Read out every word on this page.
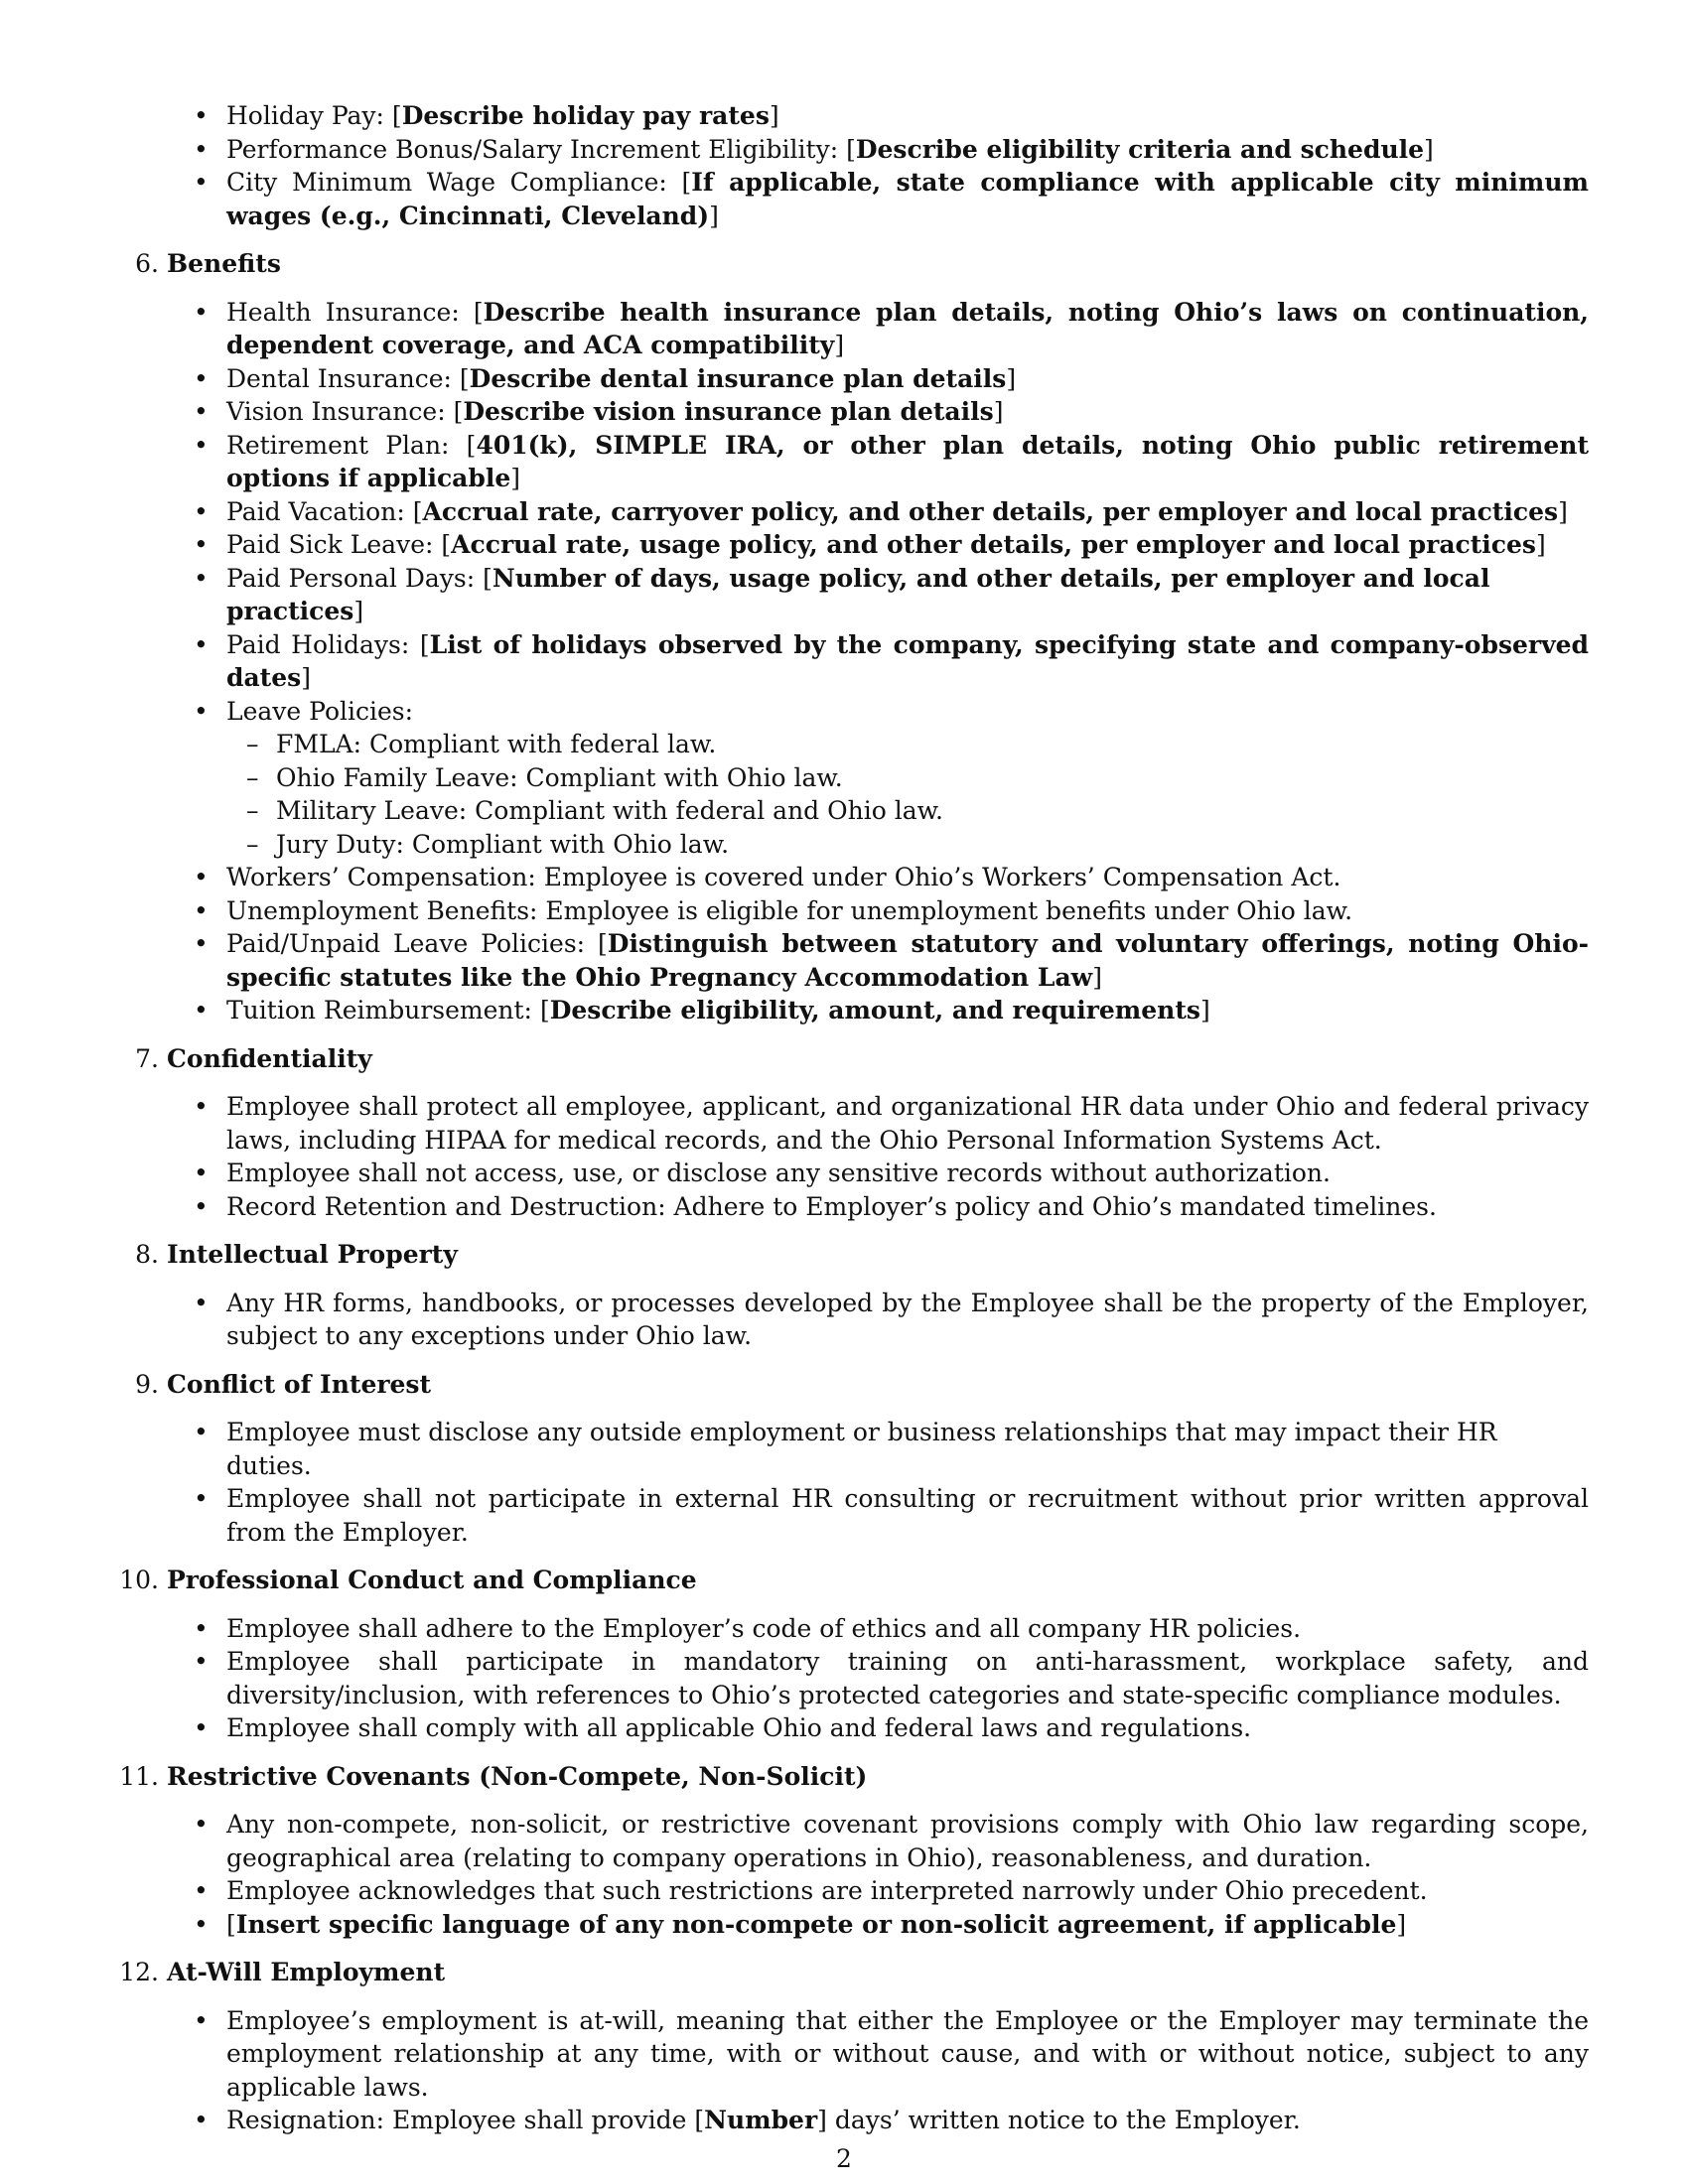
• Holiday Pay: [Describe holiday pay rates]
• Performance Bonus/Salary Increment Eligibility: [Describe eligibility criteria and schedule]
• City Minimum Wage Compliance: [If applicable, state compliance with applicable city minimum wages (e.g., Cincinnati, Cleveland)]
6. Benefits
• Health Insurance: [Describe health insurance plan details, noting Ohio’s laws on continuation, dependent coverage, and ACA compatibility]
• Dental Insurance: [Describe dental insurance plan details]
• Vision Insurance: [Describe vision insurance plan details]
• Retirement Plan: [401(k), SIMPLE IRA, or other plan details, noting Ohio public retirement options if applicable]
• Paid Vacation: [Accrual rate, carryover policy, and other details, per employer and local practices]
• Paid Sick Leave: [Accrual rate, usage policy, and other details, per employer and local practices]
• Paid Personal Days: [Number of days, usage policy, and other details, per employer and local practices]
• Paid Holidays: [List of holidays observed by the company, specifying state and company-observed dates]
• Leave Policies:
– FMLA: Compliant with federal law.
– Ohio Family Leave: Compliant with Ohio law.
– Military Leave: Compliant with federal and Ohio law.
– Jury Duty: Compliant with Ohio law.
• Workers’ Compensation: Employee is covered under Ohio’s Workers’ Compensation Act.
• Unemployment Benefits: Employee is eligible for unemployment benefits under Ohio law.
• Paid/Unpaid Leave Policies: [Distinguish between statutory and voluntary offerings, noting Ohio-specific statutes like the Ohio Pregnancy Accommodation Law]
• Tuition Reimbursement: [Describe eligibility, amount, and requirements]
7. Confidentiality
• Employee shall protect all employee, applicant, and organizational HR data under Ohio and federal privacy laws, including HIPAA for medical records, and the Ohio Personal Information Systems Act.
• Employee shall not access, use, or disclose any sensitive records without authorization.
• Record Retention and Destruction: Adhere to Employer’s policy and Ohio’s mandated timelines.
8. Intellectual Property
• Any HR forms, handbooks, or processes developed by the Employee shall be the property of the Employer, subject to any exceptions under Ohio law.
9. Conflict of Interest
• Employee must disclose any outside employment or business relationships that may impact their HR duties.
• Employee shall not participate in external HR consulting or recruitment without prior written approval from the Employer.
10. Professional Conduct and Compliance
• Employee shall adhere to the Employer’s code of ethics and all company HR policies.
• Employee shall participate in mandatory training on anti-harassment, workplace safety, and diversity/inclusion, with references to Ohio’s protected categories and state-specific compliance modules.
• Employee shall comply with all applicable Ohio and federal laws and regulations.
11. Restrictive Covenants (Non-Compete, Non-Solicit)
• Any non-compete, non-solicit, or restrictive covenant provisions comply with Ohio law regarding scope, geographical area (relating to company operations in Ohio), reasonableness, and duration.
• Employee acknowledges that such restrictions are interpreted narrowly under Ohio precedent.
• [Insert specific language of any non-compete or non-solicit agreement, if applicable]
12. At-Will Employment
• Employee’s employment is at-will, meaning that either the Employee or the Employer may terminate the employment relationship at any time, with or without cause, and with or without notice, subject to any applicable laws.
• Resignation: Employee shall provide [Number] days’ written notice to the Employer.
2
